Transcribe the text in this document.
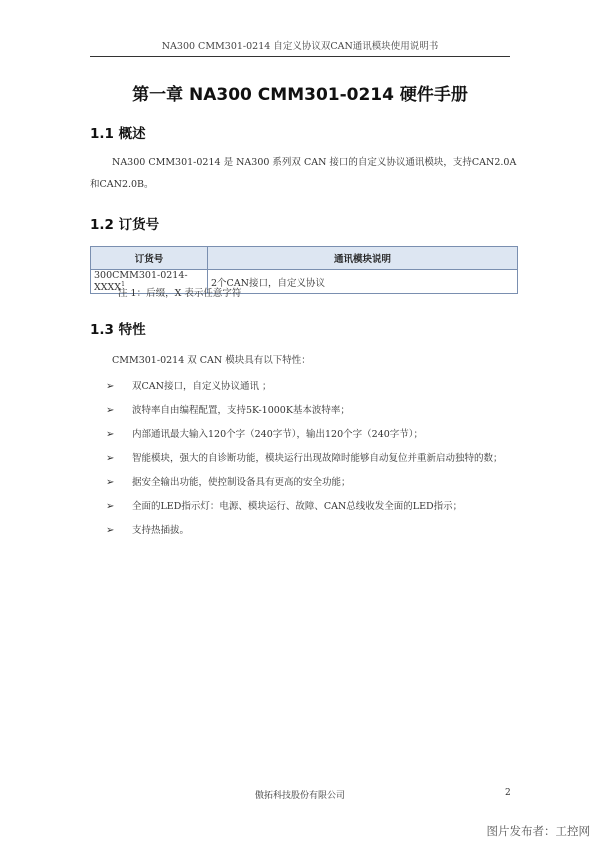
NA300 CMM301-0214 自定义协议双CAN通讯模块使用说明书
第一章 NA300 CMM301-0214 硬件手册
1.1 概述
NA300 CMM301-0214 是 NA300 系列双 CAN 接口的自定义协议通讯模块，支持CAN2.0A
和CAN2.0B。
1.2 订货号
订货号	通讯模块说明
300CMM301-0214-XXXX$^1$	2个CAN接口，自定义协议
注 1：后缀，X 表示任意字符
1.3 特性
CMM301-0214 双 CAN 模块具有以下特性：
➢ 双CAN接口，自定义协议通讯 ；
➢ 波特率自由编程配置，支持5K-1000K基本波特率；
➢ 内部通讯最大输入120个字（240字节），输出120个字（240字节）；
➢ 智能模块，强大的自诊断功能，模块运行出现故障时能够自动复位并重新启动独特的数；
➢ 据安全输出功能，使控制设备具有更高的安全功能；
➢ 全面的LED指示灯：电源、模块运行、故障、CAN总线收发全面的LED指示；
➢ 支持热插拔。
傲拓科技股份有限公司	2
图片发布者：工控网
